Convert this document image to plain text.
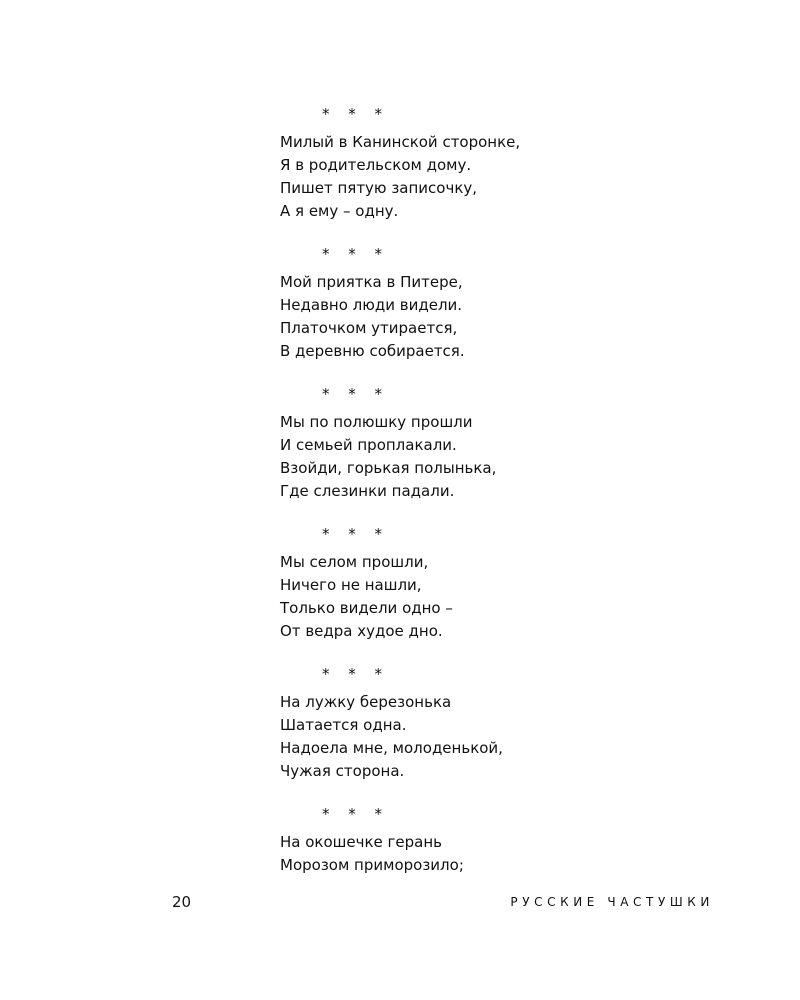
* * *
Милый в Канинской сторонке,
Я в родительском дому.
Пишет пятую записочку,
А я ему – одну.
* * *
Мой приятка в Питере,
Недавно люди видели.
Платочком утирается,
В деревню собирается.
* * *
Мы по полюшку прошли
И семьей проплакали.
Взойди, горькая полынька,
Где слезинки падали.
* * *
Мы селом прошли,
Ничего не нашли,
Только видели одно –
От ведра худое дно.
* * *
На лужку березонька
Шатается одна.
Надоела мне, молоденькой,
Чужая сторона.
* * *
На окошечке герань
Морозом приморозило;
20	РУССКИЕ ЧАСТУШКИ
